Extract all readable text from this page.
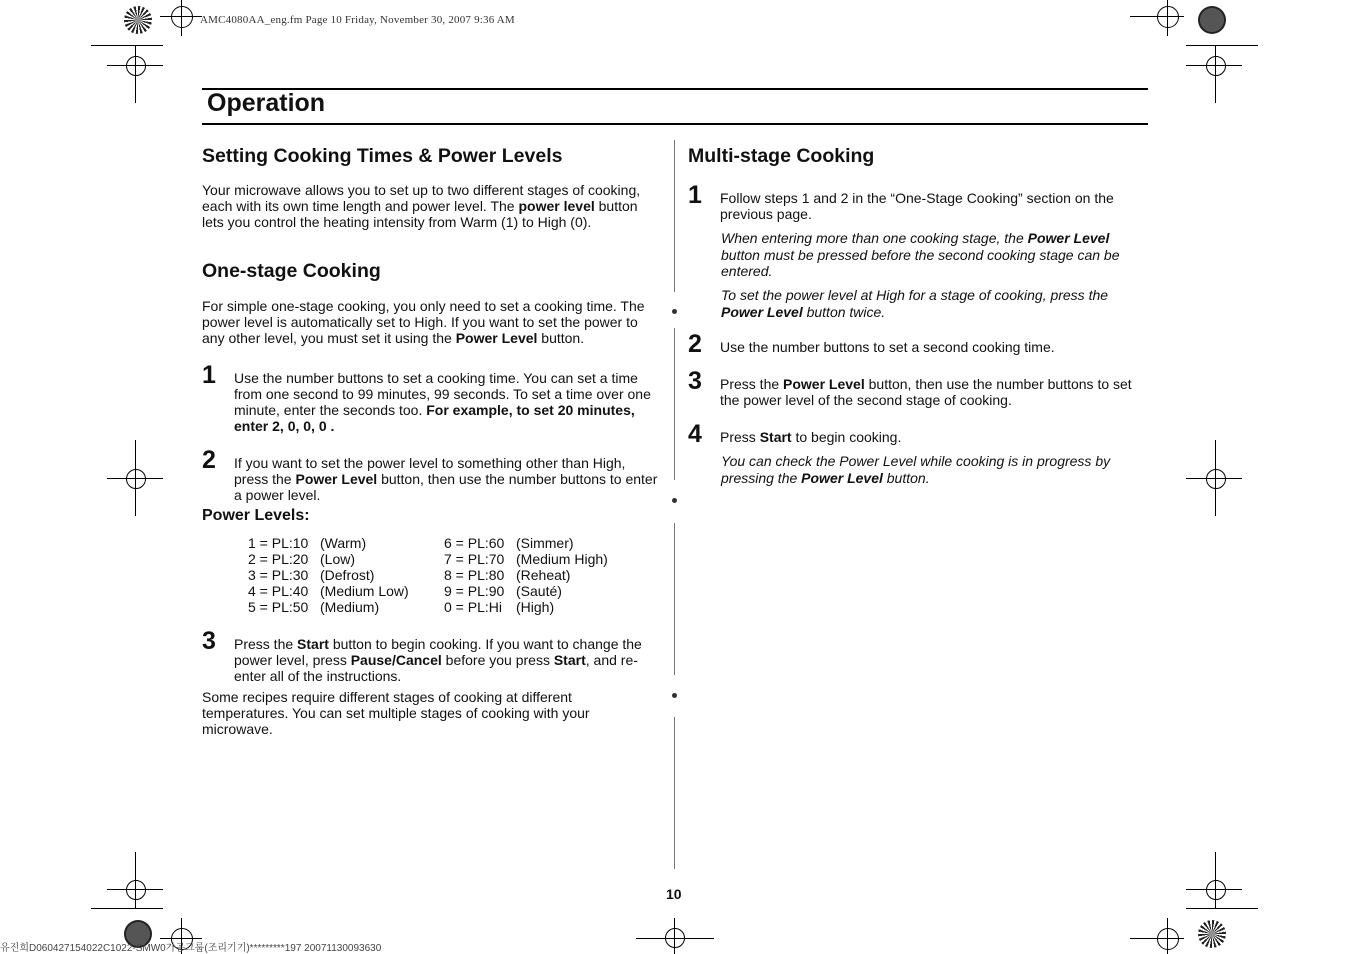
AMC4080AA_eng.fm Page 10 Friday, November 30, 2007 9:36 AM
Operation
Setting Cooking Times & Power Levels

Your microwave allows you to set up to two different stages of cooking, each with its own time length and power level. The power level button lets you control the heating intensity from Warm (1) to High (0).

One-stage Cooking

For simple one-stage cooking, you only need to set a cooking time. The power level is automatically set to High. If you want to set the power to any other level, you must set it using the Power Level button.

1 Use the number buttons to set a cooking time. You can set a time from one second to 99 minutes, 99 seconds. To set a time over one minute, enter the seconds too. For example, to set 20 minutes, enter 2, 0, 0, 0 .

2 If you want to set the power level to something other than High, press the Power Level button, then use the number buttons to enter a power level.

Power Levels:
1 = PL:10	(Warm)	6 = PL:60	(Simmer)
2 = PL:20	(Low)	7 = PL:70	(Medium High)
3 = PL:30	(Defrost)	8 = PL:80	(Reheat)
4 = PL:40	(Medium Low)	9 = PL:90	(Sauté)
5 = PL:50	(Medium)	0 = PL:Hi	(High)
3 Press the Start button to begin cooking. If you want to change the power level, press Pause/Cancel before you press Start, and re-enter all of the instructions.

Some recipes require different stages of cooking at different temperatures. You can set multiple stages of cooking with your microwave.

Multi-stage Cooking
1 Follow steps 1 and 2 in the “One-Stage Cooking” section on the previous page.

When entering more than one cooking stage, the Power Level button must be pressed before the second cooking stage can be entered.

To set the power level at High for a stage of cooking, press the Power Level button twice.

2 Use the number buttons to set a second cooking time.

3 Press the Power Level button, then use the number buttons to set the power level of the second stage of cooking.

4 Press Start to begin cooking.

You can check the Power Level while cooking is in progress by pressing the Power Level button.

10
유진희D060427154022C1022-SMW0가공그룹(조리기기)*********197 20071130093630
